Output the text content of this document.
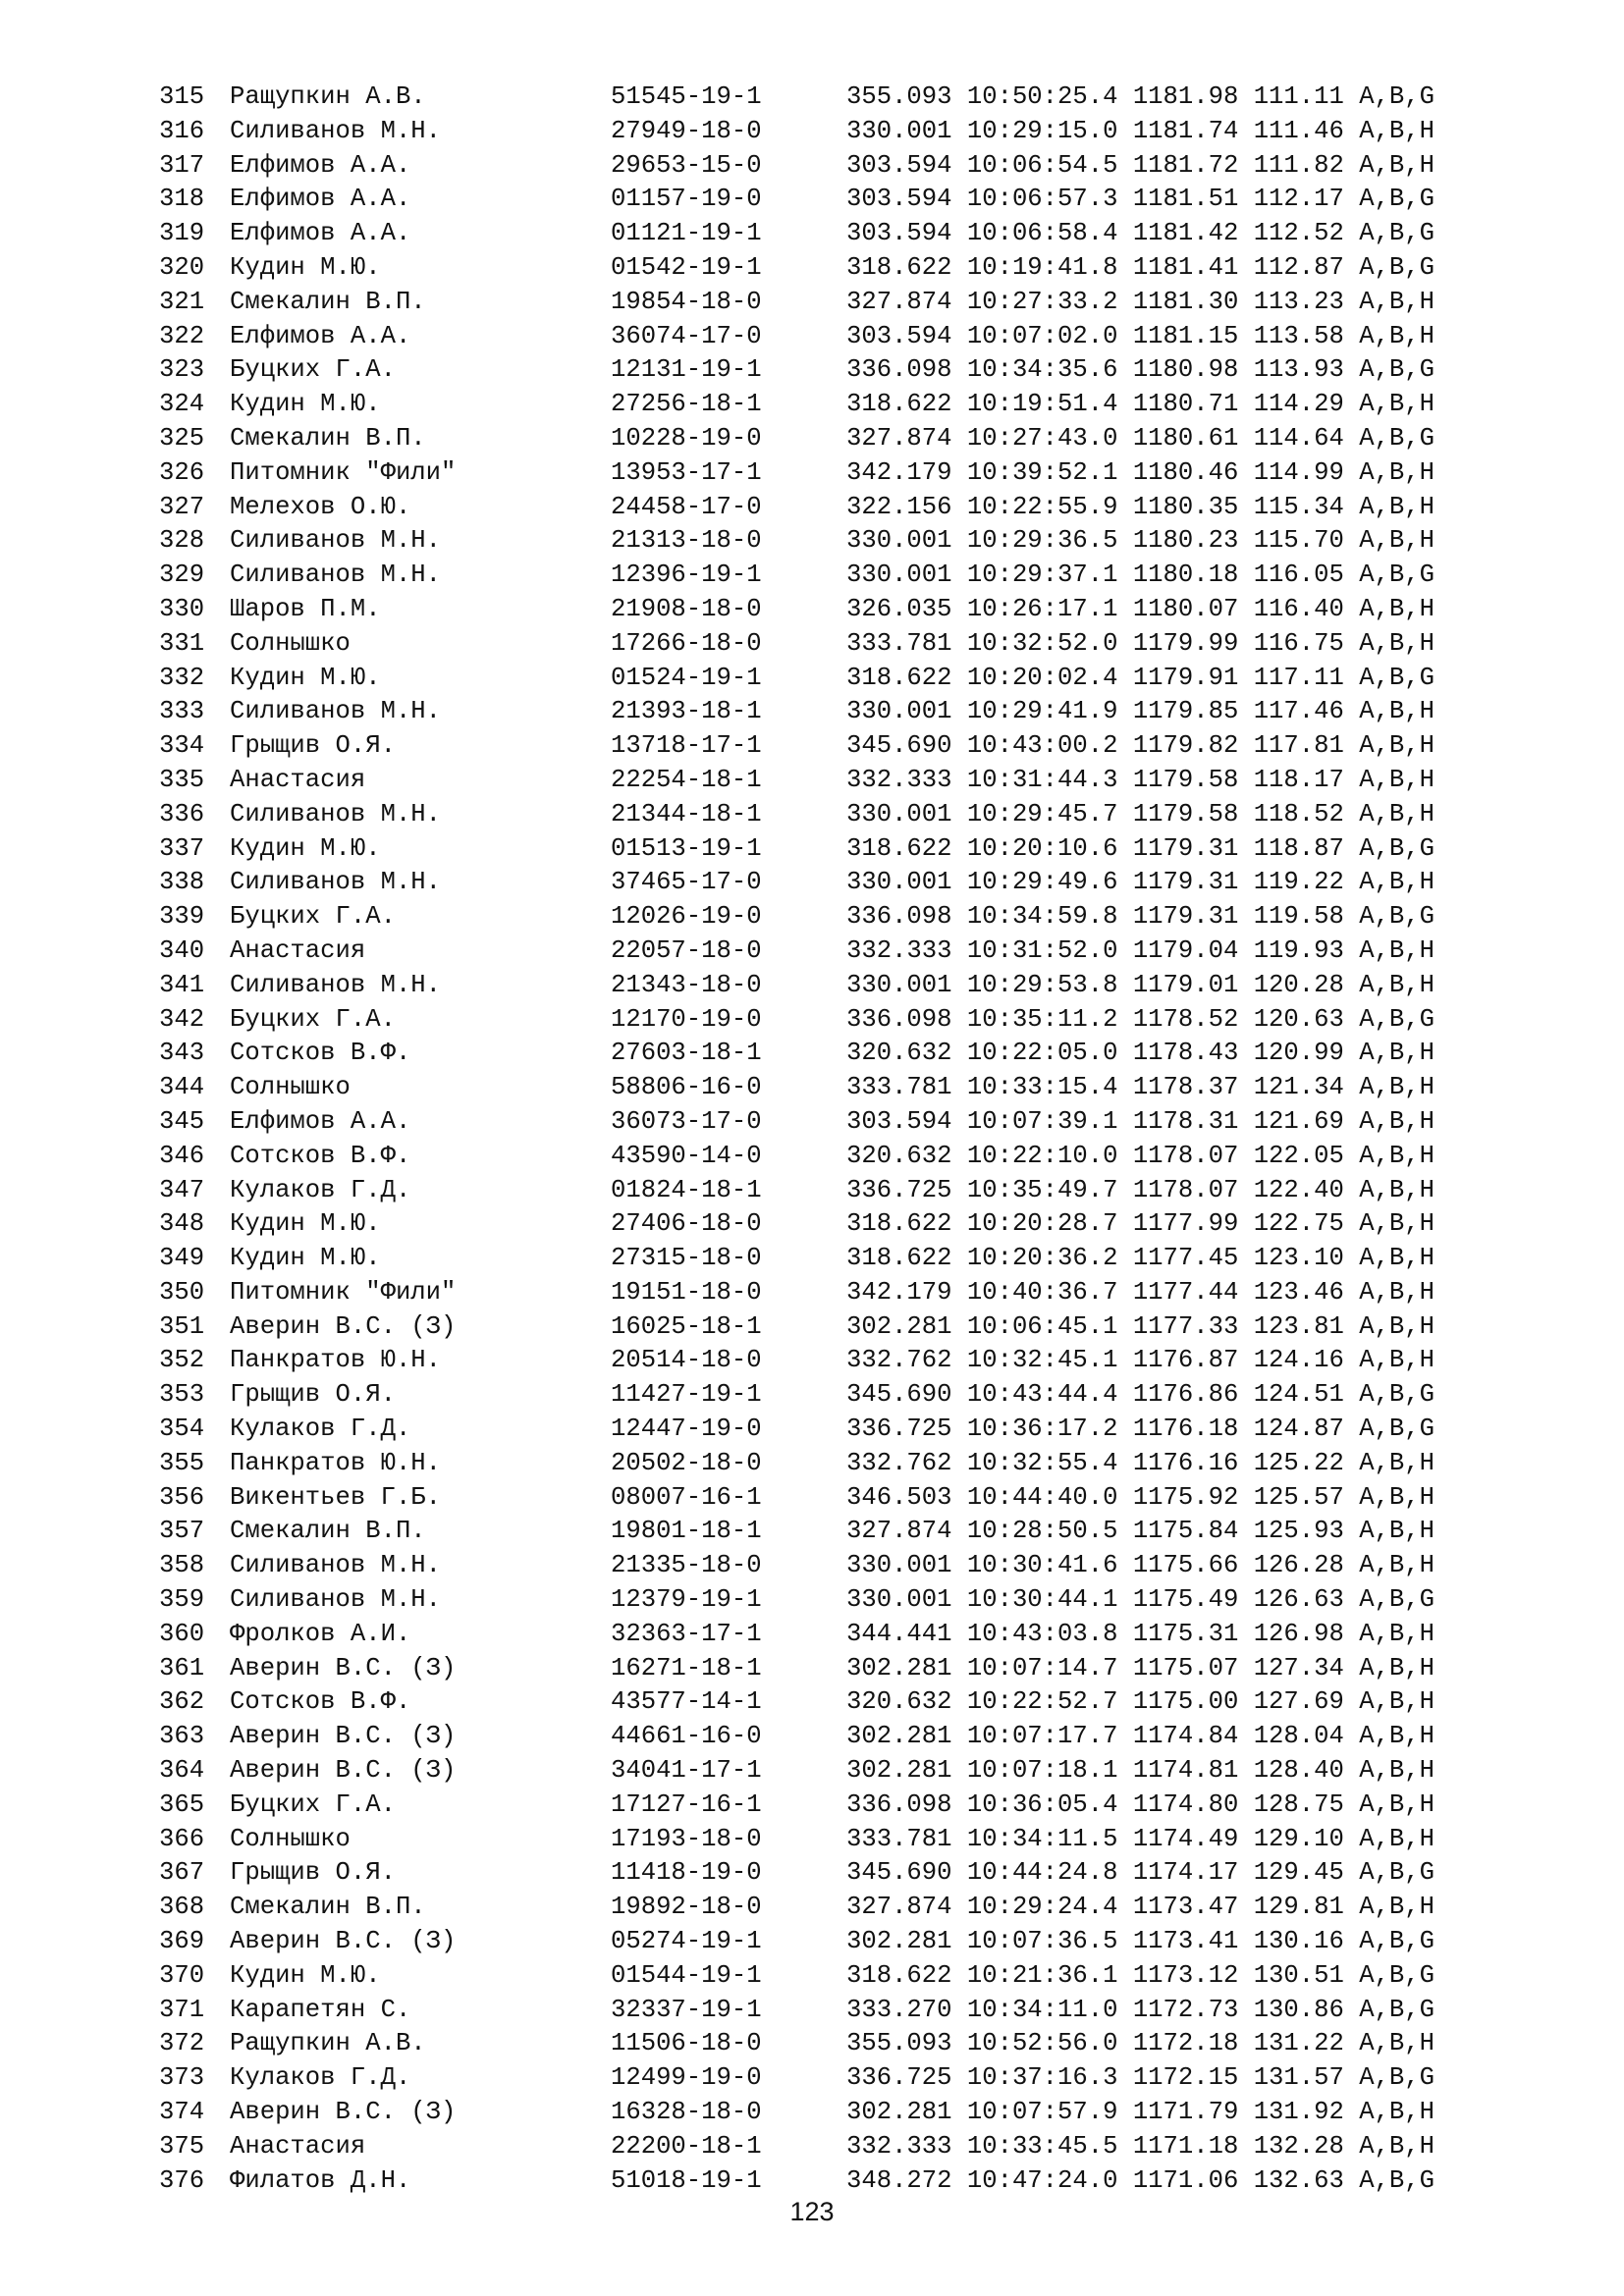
315 Ращупкин А.В.	51545-19-1	355.093 10:50:25.4 1181.98 111.11 A,B,G
316 Силиванов М.Н.	27949-18-0	330.001 10:29:15.0 1181.74 111.46 A,B,H
317 Елфимов А.А.	29653-15-0	303.594 10:06:54.5 1181.72 111.82 A,B,H
318 Елфимов А.А.	01157-19-0	303.594 10:06:57.3 1181.51 112.17 A,B,G
319 Елфимов А.А.	01121-19-1	303.594 10:06:58.4 1181.42 112.52 A,B,G
320 Кудин М.Ю.	01542-19-1	318.622 10:19:41.8 1181.41 112.87 A,B,G
321 Смекалин В.П.	19854-18-0	327.874 10:27:33.2 1181.30 113.23 A,B,H
322 Елфимов А.А.	36074-17-0	303.594 10:07:02.0 1181.15 113.58 A,B,H
323 Буцких Г.А.	12131-19-1	336.098 10:34:35.6 1180.98 113.93 A,B,G
324 Кудин М.Ю.	27256-18-1	318.622 10:19:51.4 1180.71 114.29 A,B,H
325 Смекалин В.П.	10228-19-0	327.874 10:27:43.0 1180.61 114.64 A,B,G
326 Питомник "Фили"	13953-17-1	342.179 10:39:52.1 1180.46 114.99 A,B,H
327 Мелехов О.Ю.	24458-17-0	322.156 10:22:55.9 1180.35 115.34 A,B,H
328 Силиванов М.Н.	21313-18-0	330.001 10:29:36.5 1180.23 115.70 A,B,H
329 Силиванов М.Н.	12396-19-1	330.001 10:29:37.1 1180.18 116.05 A,B,G
330 Шаров П.М.	21908-18-0	326.035 10:26:17.1 1180.07 116.40 A,B,H
331 Солнышко	17266-18-0	333.781 10:32:52.0 1179.99 116.75 A,B,H
332 Кудин М.Ю.	01524-19-1	318.622 10:20:02.4 1179.91 117.11 A,B,G
333 Силиванов М.Н.	21393-18-1	330.001 10:29:41.9 1179.85 117.46 A,B,H
334 Грыщив О.Я.	13718-17-1	345.690 10:43:00.2 1179.82 117.81 A,B,H
335 Анастасия	22254-18-1	332.333 10:31:44.3 1179.58 118.17 A,B,H
336 Силиванов М.Н.	21344-18-1	330.001 10:29:45.7 1179.58 118.52 A,B,H
337 Кудин М.Ю.	01513-19-1	318.622 10:20:10.6 1179.31 118.87 A,B,G
338 Силиванов М.Н.	37465-17-0	330.001 10:29:49.6 1179.31 119.22 A,B,H
339 Буцких Г.А.	12026-19-0	336.098 10:34:59.8 1179.31 119.58 A,B,G
340 Анастасия	22057-18-0	332.333 10:31:52.0 1179.04 119.93 A,B,H
341 Силиванов М.Н.	21343-18-0	330.001 10:29:53.8 1179.01 120.28 A,B,H
342 Буцких Г.А.	12170-19-0	336.098 10:35:11.2 1178.52 120.63 A,B,G
343 Сотсков В.Ф.	27603-18-1	320.632 10:22:05.0 1178.43 120.99 A,B,H
344 Солнышко	58806-16-0	333.781 10:33:15.4 1178.37 121.34 A,B,H
345 Елфимов А.А.	36073-17-0	303.594 10:07:39.1 1178.31 121.69 A,B,H
346 Сотсков В.Ф.	43590-14-0	320.632 10:22:10.0 1178.07 122.05 A,B,H
347 Кулаков Г.Д.	01824-18-1	336.725 10:35:49.7 1178.07 122.40 A,B,H
348 Кудин М.Ю.	27406-18-0	318.622 10:20:28.7 1177.99 122.75 A,B,H
349 Кудин М.Ю.	27315-18-0	318.622 10:20:36.2 1177.45 123.10 A,B,H
350 Питомник "Фили"	19151-18-0	342.179 10:40:36.7 1177.44 123.46 A,B,H
351 Аверин В.С. (З)	16025-18-1	302.281 10:06:45.1 1177.33 123.81 A,B,H
352 Панкратов Ю.Н.	20514-18-0	332.762 10:32:45.1 1176.87 124.16 A,B,H
353 Грыщив О.Я.	11427-19-1	345.690 10:43:44.4 1176.86 124.51 A,B,G
354 Кулаков Г.Д.	12447-19-0	336.725 10:36:17.2 1176.18 124.87 A,B,G
355 Панкратов Ю.Н.	20502-18-0	332.762 10:32:55.4 1176.16 125.22 A,B,H
356 Викентьев Г.Б.	08007-16-1	346.503 10:44:40.0 1175.92 125.57 A,B,H
357 Смекалин В.П.	19801-18-1	327.874 10:28:50.5 1175.84 125.93 A,B,H
358 Силиванов М.Н.	21335-18-0	330.001 10:30:41.6 1175.66 126.28 A,B,H
359 Силиванов М.Н.	12379-19-1	330.001 10:30:44.1 1175.49 126.63 A,B,G
360 Фролков А.И.	32363-17-1	344.441 10:43:03.8 1175.31 126.98 A,B,H
361 Аверин В.С. (З)	16271-18-1	302.281 10:07:14.7 1175.07 127.34 A,B,H
362 Сотсков В.Ф.	43577-14-1	320.632 10:22:52.7 1175.00 127.69 A,B,H
363 Аверин В.С. (З)	44661-16-0	302.281 10:07:17.7 1174.84 128.04 A,B,H
364 Аверин В.С. (З)	34041-17-1	302.281 10:07:18.1 1174.81 128.40 A,B,H
365 Буцких Г.А.	17127-16-1	336.098 10:36:05.4 1174.80 128.75 A,B,H
366 Солнышко	17193-18-0	333.781 10:34:11.5 1174.49 129.10 A,B,H
367 Грыщив О.Я.	11418-19-0	345.690 10:44:24.8 1174.17 129.45 A,B,G
368 Смекалин В.П.	19892-18-0	327.874 10:29:24.4 1173.47 129.81 A,B,H
369 Аверин В.С. (З)	05274-19-1	302.281 10:07:36.5 1173.41 130.16 A,B,G
370 Кудин М.Ю.	01544-19-1	318.622 10:21:36.1 1173.12 130.51 A,B,G
371 Карапетян С.	32337-19-1	333.270 10:34:11.0 1172.73 130.86 A,B,G
372 Ращупкин А.В.	11506-18-0	355.093 10:52:56.0 1172.18 131.22 A,B,H
373 Кулаков Г.Д.	12499-19-0	336.725 10:37:16.3 1172.15 131.57 A,B,G
374 Аверин В.С. (З)	16328-18-0	302.281 10:07:57.9 1171.79 131.92 A,B,H
375 Анастасия	22200-18-1	332.333 10:33:45.5 1171.18 132.28 A,B,H
376 Филатов Д.Н.	51018-19-1	348.272 10:47:24.0 1171.06 132.63 A,B,G
123
